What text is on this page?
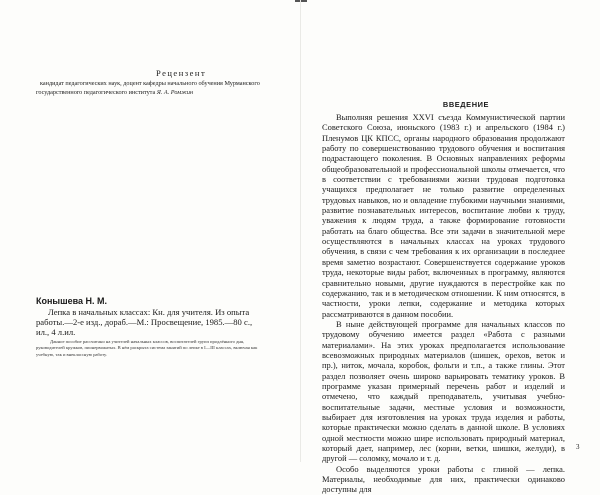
Рецензент
кандидат педагогических наук, доцент кафедры начального обучения Мурманского государственного педагогического института Я. А. Ромжин
Конышева Н. М.
Лепка в начальных классах: Кн. для учителя. Из опыта работы.—2-е изд., дораб.—М.: Просвещение, 1985.—80 с., ил., 4 л.ил.
Данное пособие рассчитано на учителей начальных классов, воспитателей групп продлённого дня, руководителей кружков, пионервожатых. В нём раскрыта система занятий по лепке в I—III классах, включая как учебную, так и внеклассную работу.
ВВЕДЕНИЕ

Выполняя решения XXVI съезда Коммунистической партии Советского Союза, июньского (1983 г.) и апрельского (1984 г.) Пленумов ЦК КПСС, органы народного образования продолжают работу по совершенствованию трудового обучения и воспитания подрастающего поколения. В Основных направлениях реформы общеобразовательной и профессиональной школы отмечается, что в соответствии с требованиями жизни трудовая подготовка учащихся предполагает не только развитие определенных трудовых навыков, но и овладение глубокими научными знаниями, развитие познавательных интересов, воспитание любви к труду, уважения к людям труда, а также формирование готовности работать на благо общества. Все эти задачи в значительной мере осуществляются в начальных классах на уроках трудового обучения, в связи с чем требования к их организации в последнее время заметно возрастают. Совершенствуется содержание уроков труда, некоторые виды работ, включенных в программу, являются сравнительно новыми, другие нуждаются в перестройке как по содержанию, так и в методическом отношении. К ним относятся, в частности, уроки лепки, содержание и методика которых рассматриваются в данном пособии.

В ныне действующей программе для начальных классов по трудовому обучению имеется раздел «Работа с разными материалами». На этих уроках предполагается использование всевозможных природных материалов (шишек, орехов, веток и пр.), ниток, мочала, коробок, фольги и т.п., а также глины. Этот раздел позволяет очень широко варьировать тематику уроков. В программе указан примерный перечень работ и изделий и отмечено, что каждый преподаватель, учитывая учебно-воспитательные задачи, местные условия и возможности, выбирает для изготовления на уроках труда изделия и работы, которые практически можно сделать в данной школе. В условиях одной местности можно шире использовать природный материал, который дает, например, лес (корни, ветки, шишки, желуди), в другой — соломку, мочало и т. д.

Особо выделяются уроки работы с глиной — лепка. Материалы, необходимые для них, практически одинаково доступны для

3
